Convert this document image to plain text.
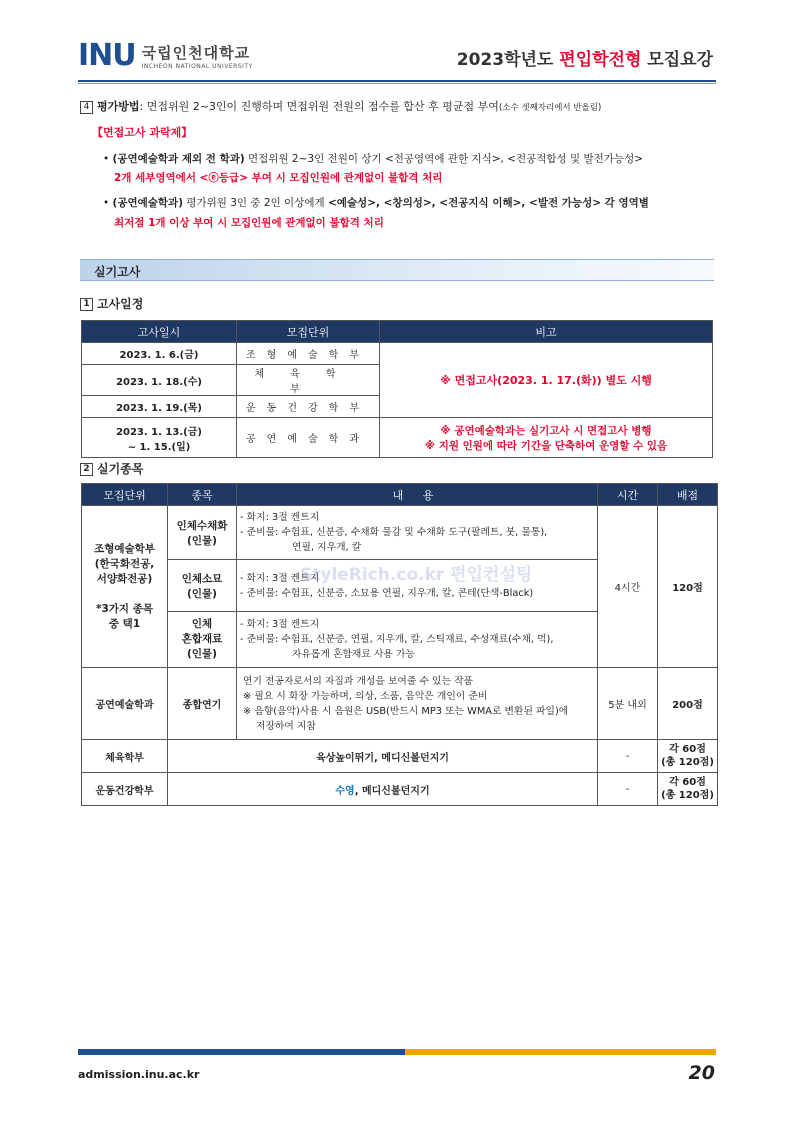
INU 국립인천대학교
INCHEON NATIONAL UNIVERSITY	2023학년도 편입학전형 모집요강
4 평가방법: 면접위원 2~3인이 진행하며 면접위원 전원의 점수를 합산 후 평균점 부여(소수 셋째자리에서 반올림)
【면접고사 과락제】
• (공연예술학과 제외 전 학과) 면접위원 2~3인 전원이 상기 <전공영역에 관한 지식>, <전공적합성 및 발전가능성>
2개 세부영역에서 <ⓔ등급> 부여 시 모집인원에 관계없이 불합격 처리
• (공연예술학과) 평가위원 3인 중 2인 이상에게 <예술성>, <창의성>, <전공지식 이해>, <발전 가능성> 각 영역별
최저점 1개 이상 부여 시 모집인원에 관계없이 불합격 처리
실기고사
1 고사일정
고사일시	모집단위	비고
2023. 1. 6.(금)	조형예술학부	※ 면접고사(2023. 1. 17.(화)) 별도 시행
2023. 1. 18.(수)	체육학부	
2023. 1. 19.(목)	운동건강학부	

2023. 1. 13.(금)
~ 1. 15.(일)	공연예술학과	※ 공연예술학과는 실기고사 시 면접고사 병행
※ 지원 인원에 따라 기간을 단축하여 운영할 수 있음
2 실기종목
모집단위	종목	내 용	시간	배점

조형예술학부
(한국화전공,
서양화전공)

*3가지 종목
중 택1	인체수채화
(인물)	- 화지: 3절 켄트지
- 준비물: 수험표, 신분증, 수채화 물감 및 수채화 도구(팔레트, 붓, 물통),
연필, 지우개, 칼	4시간	120점

	인체소묘
(인물)	- 화지: 3절 켄트지
- 준비물: 수험표, 신분증, 소묘용 연필, 지우개, 칼, 콘테(단색-Black)		

	인체
혼합재료
(인물)	- 화지: 3절 켄트지
- 준비물: 수험표, 신분증, 연필, 지우개, 칼, 스틱재료, 수성재료(수채, 먹),
자유롭게 혼합재료 사용 가능		

공연예술학과	종합연기	연기 전공자로서의 자질과 개성을 보여줄 수 있는 작품
※ 필요 시 화장 가능하며, 의상, 소품, 음악은 개인이 준비
※ 음향(음악)사용 시 음원은 USB(반드시 MP3 또는 WMA로 변환된 파일)에
저장하여 지참	5분 내외	200점
체육학부	육상높이뛰기, 메디신볼던지기		-	각 60점
(총 120점)

운동건강학부	수영, 메디신볼던지기		-	각 60점
(총 120점)
StyleRich.co.kr 편입컨설팅
admission.inu.ac.kr	20
